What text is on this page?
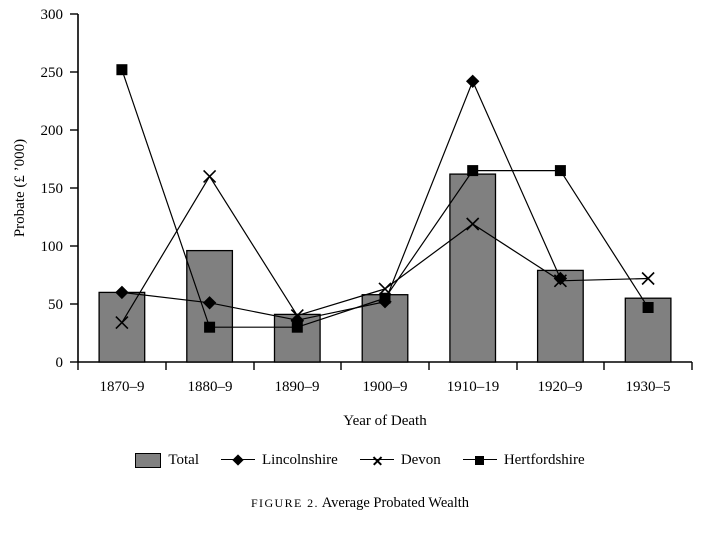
0
50
100
150
200
250
300
Probate (£ ’000)
1870–9	1880–9	1890–9	1900–9	1910–19	1920–9	1930–5
Year of Death
Total	Lincolnshire	Devon	Hertfordshire
FIGURE 2. Average Probated Wealth
